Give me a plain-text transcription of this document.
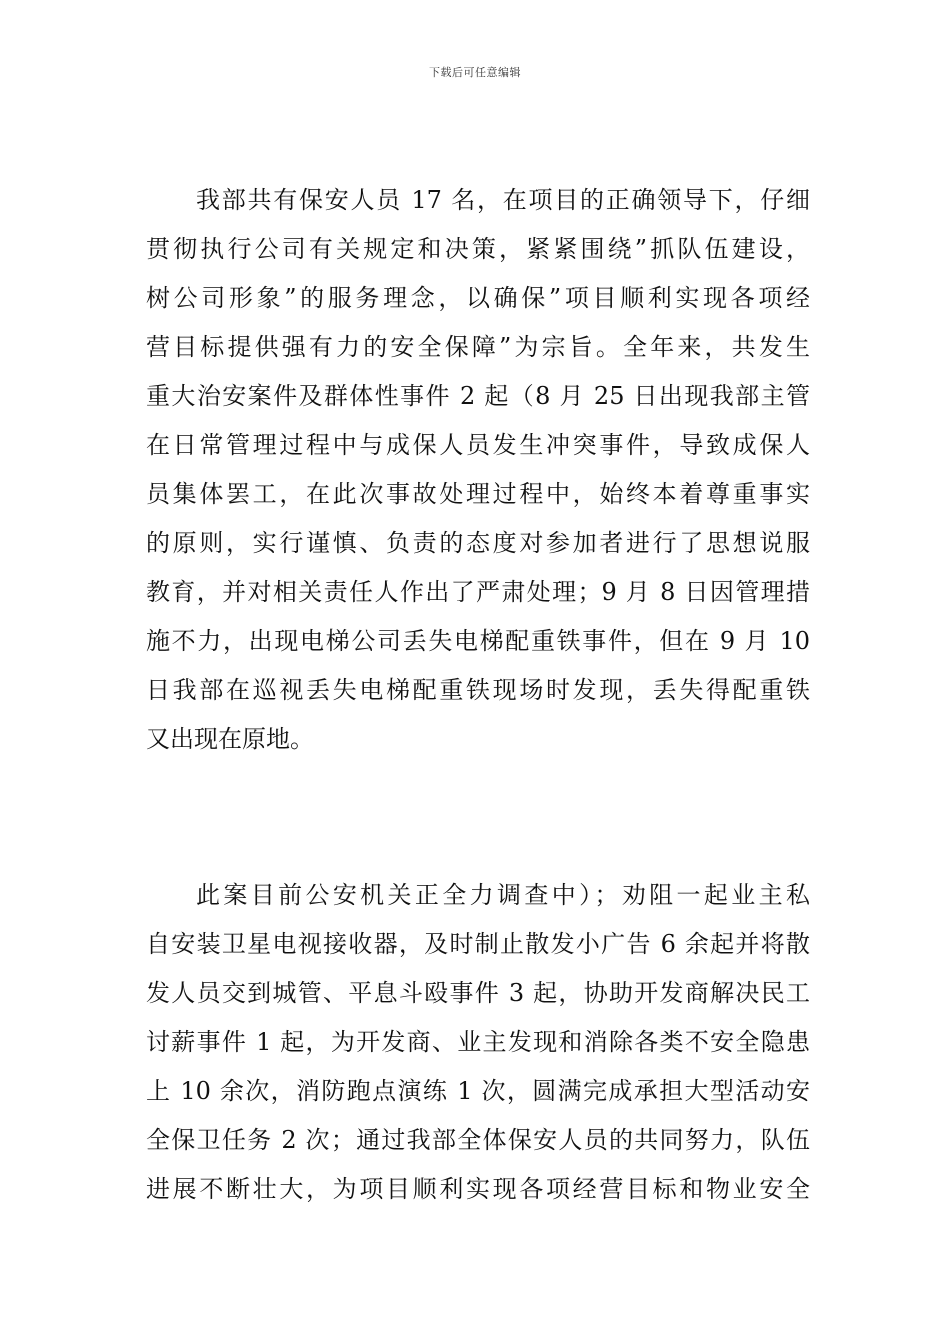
下载后可任意编辑
我部共有保安人员 17 名，在项目的正确领导下，仔细
贯彻执行公司有关规定和决策，紧紧围绕”抓队伍建设，
树公司形象”的服务理念，以确保”项目顺利实现各项经
营目标提供强有力的安全保障”为宗旨。全年来，共发生
重大治安案件及群体性事件 2 起（8 月 25 日出现我部主管
在日常管理过程中与成保人员发生冲突事件，导致成保人
员集体罢工，在此次事故处理过程中，始终本着尊重事实
的原则，实行谨慎、负责的态度对参加者进行了思想说服
教育，并对相关责任人作出了严肃处理；9 月 8 日因管理措
施不力，出现电梯公司丢失电梯配重铁事件，但在 9 月 10
日我部在巡视丢失电梯配重铁现场时发现，丢失得配重铁
又出现在原地。
此案目前公安机关正全力调查中）；劝阻一起业主私
自安装卫星电视接收器，及时制止散发小广告 6 余起并将散
发人员交到城管、平息斗殴事件 3 起，协助开发商解决民工
讨薪事件 1 起，为开发商、业主发现和消除各类不安全隐患
上 10 余次，消防跑点演练 1 次，圆满完成承担大型活动安
全保卫任务 2 次；通过我部全体保安人员的共同努力，队伍
进展不断壮大，为项目顺利实现各项经营目标和物业安全
